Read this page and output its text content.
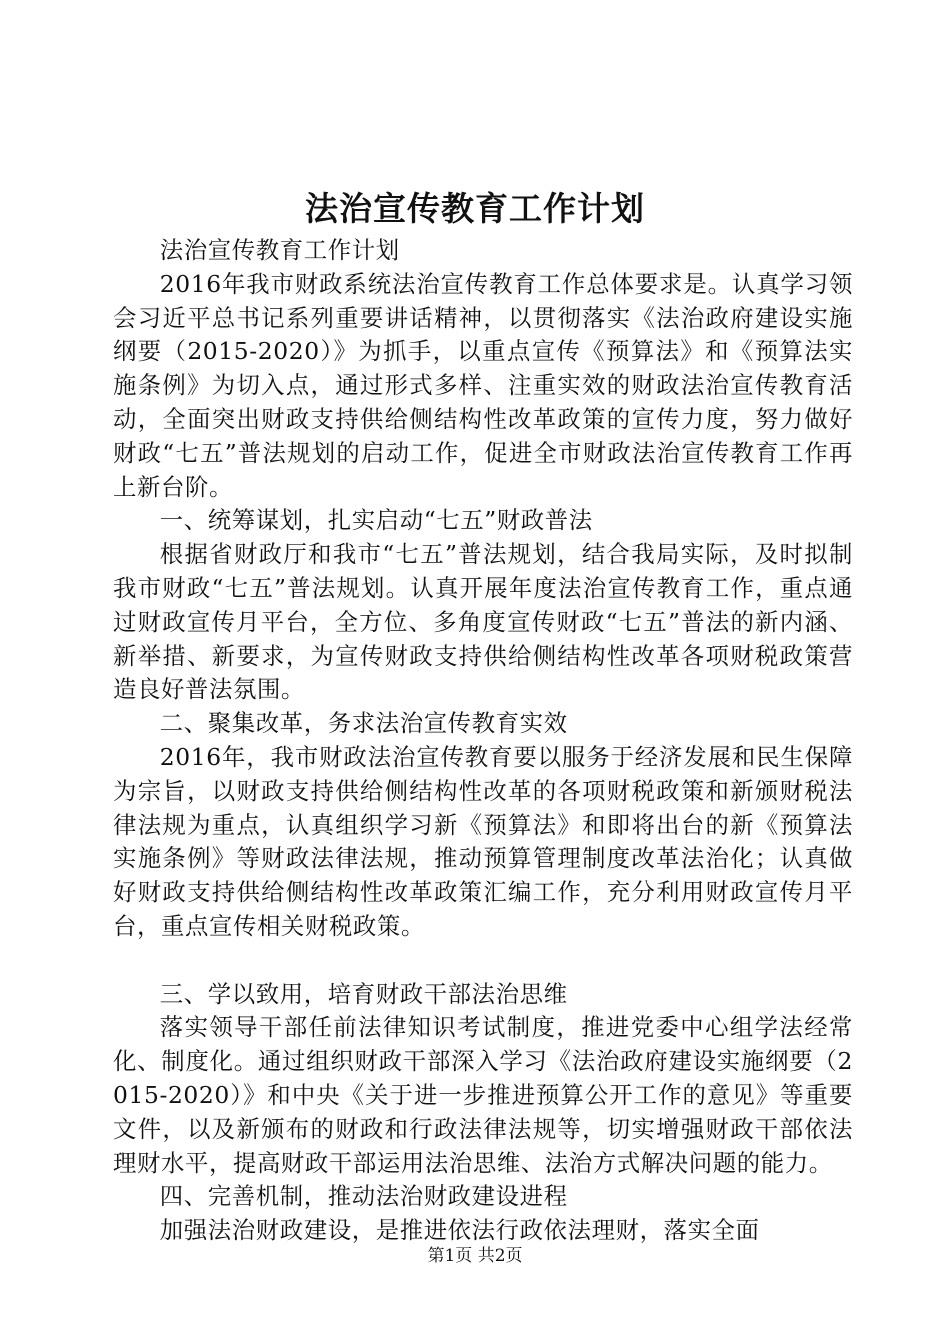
法治宣传教育工作计划

法治宣传教育工作计划

2016年我市财政系统法治宣传教育工作总体要求是。认真学习领会习近平总书记系列重要讲话精神，以贯彻落实《法治政府建设实施纲要（2015-2020）》为抓手，以重点宣传《预算法》和《预算法实施条例》为切入点，通过形式多样、注重实效的财政法治宣传教育活动，全面突出财政支持供给侧结构性改革政策的宣传力度，努力做好财政“七五”普法规划的启动工作，促进全市财政法治宣传教育工作再上新台阶。

一、统筹谋划，扎实启动“七五”财政普法

根据省财政厅和我市“七五”普法规划，结合我局实际，及时拟制我市财政“七五”普法规划。认真开展年度法治宣传教育工作，重点通过财政宣传月平台，全方位、多角度宣传财政“七五”普法的新内涵、新举措、新要求，为宣传财政支持供给侧结构性改革各项财税政策营造良好普法氛围。

二、聚集改革，务求法治宣传教育实效

2016年，我市财政法治宣传教育要以服务于经济发展和民生保障为宗旨，以财政支持供给侧结构性改革的各项财税政策和新颁财税法律法规为重点，认真组织学习新《预算法》和即将出台的新《预算法实施条例》等财政法律法规，推动预算管理制度改革法治化；认真做好财政支持供给侧结构性改革政策汇编工作，充分利用财政宣传月平台，重点宣传相关财税政策。

三、学以致用，培育财政干部法治思维

落实领导干部任前法律知识考试制度，推进党委中心组学法经常化、制度化。通过组织财政干部深入学习《法治政府建设实施纲要（2015-2020）》和中央《关于进一步推进预算公开工作的意见》等重要文件，以及新颁布的财政和行政法律法规等，切实增强财政干部依法理财水平，提高财政干部运用法治思维、法治方式解决问题的能力。

四、完善机制，推动法治财政建设进程

加强法治财政建设，是推进依法行政依法理财，落实全面

第1页 共2页
